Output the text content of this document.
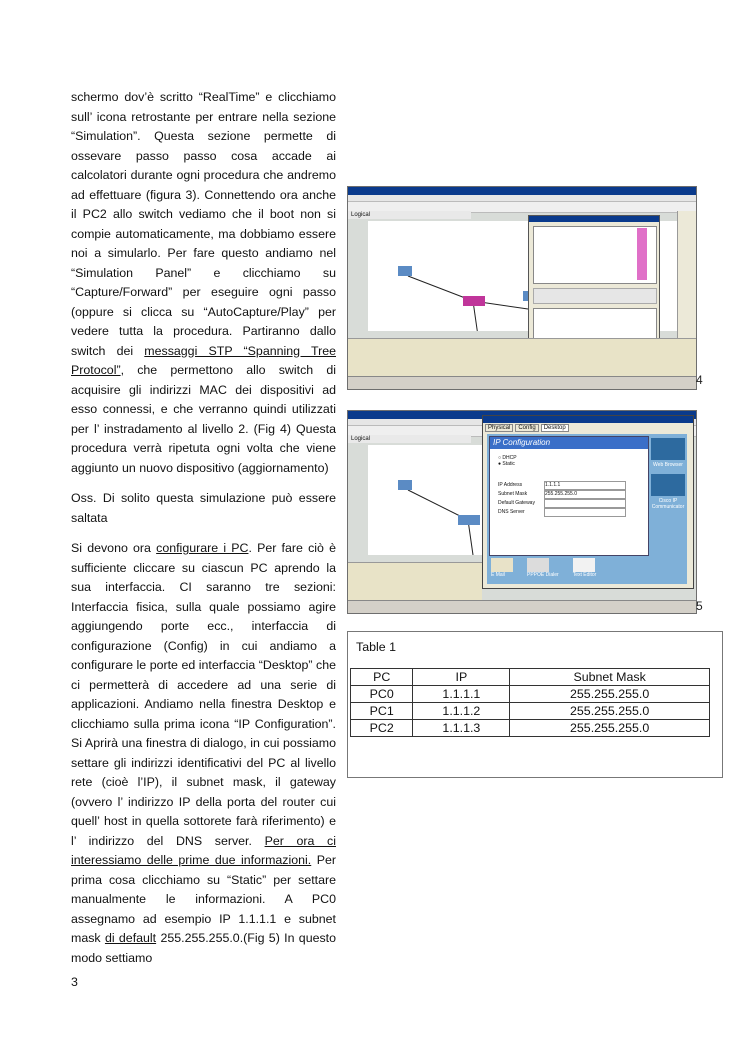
schermo dov’è scritto “RealTime” e clicchiamo sull’ icona retrostante per entrare nella sezione “Simulation”. Questa sezione permette di ossevare passo passo cosa accade ai calcolatori durante ogni procedura che andremo ad effettuare (figura 3). Connettendo ora anche il PC2 allo switch vediamo che il boot non si compie automaticamente, ma dobbiamo essere noi a simularlo. Per fare questo andiamo nel “Simulation Panel” e clicchiamo su “Capture/Forward” per eseguire ogni passo (oppure si clicca su “AutoCapture/Play” per vedere tutta la procedura. Partiranno dallo switch dei messaggi STP “Spanning Tree Protocol”, che permettono allo switch di acquisire gli indirizzi MAC dei dispositivi ad esso connessi, e che verranno quindi utilizzati per l’ instradamento al livello 2. (Fig 4) Questa procedura verrà ripetuta ogni volta che viene aggiunto un nuovo dispositivo (aggiornamento)

Oss. Di solito questa simulazione può essere saltata

Si devono ora configurare i PC. Per fare ciò è sufficiente cliccare su ciascun PC aprendo la sua interfaccia. CI saranno tre sezioni: Interfaccia fisica, sulla quale possiamo agire aggiungendo porte ecc., interfaccia di configurazione (Config) in cui andiamo a configurare le porte ed interfaccia “Desktop” che ci permetterà di accedere ad una serie di applicazioni. Andiamo nella finestra Desktop e clicchiamo sulla prima icona “IP Configuration”. Si Aprirà una finestra di dialogo, in cui possiamo settare gli indirizzi identificativi del PC al livello rete (cioè l’IP), il subnet mask, il gateway (ovvero l’ indirizzo IP della porta del router cui quell’ host in quella sottorete farà riferimento) e l’ indirizzo del DNS server. Per ora ci interessiamo delle prime due informazioni. Per prima cosa clicchiamo su “Static” per settare manualmente le informazioni. A PC0 assegnamo ad esempio IP 1.1.1.1 e subnet mask di default 255.255.255.0.(Fig 5) In questo modo settiamo

3
Logical
4
Logical
Physical	Config	Desktop
IP Configuration
○ DHCP
● Static
IP Address	1.1.1.1
Subnet Mask	255.255.255.0
Default Gateway
DNS Server
Web Browser
Cisco IP Communicator
E Mail	PPPOE Dialer	Text Editor
5
Table 1
PC	IP	Subnet Mask
PC0	1.1.1.1	255.255.255.0
PC1	1.1.1.2	255.255.255.0
PC2	1.1.1.3	255.255.255.0
